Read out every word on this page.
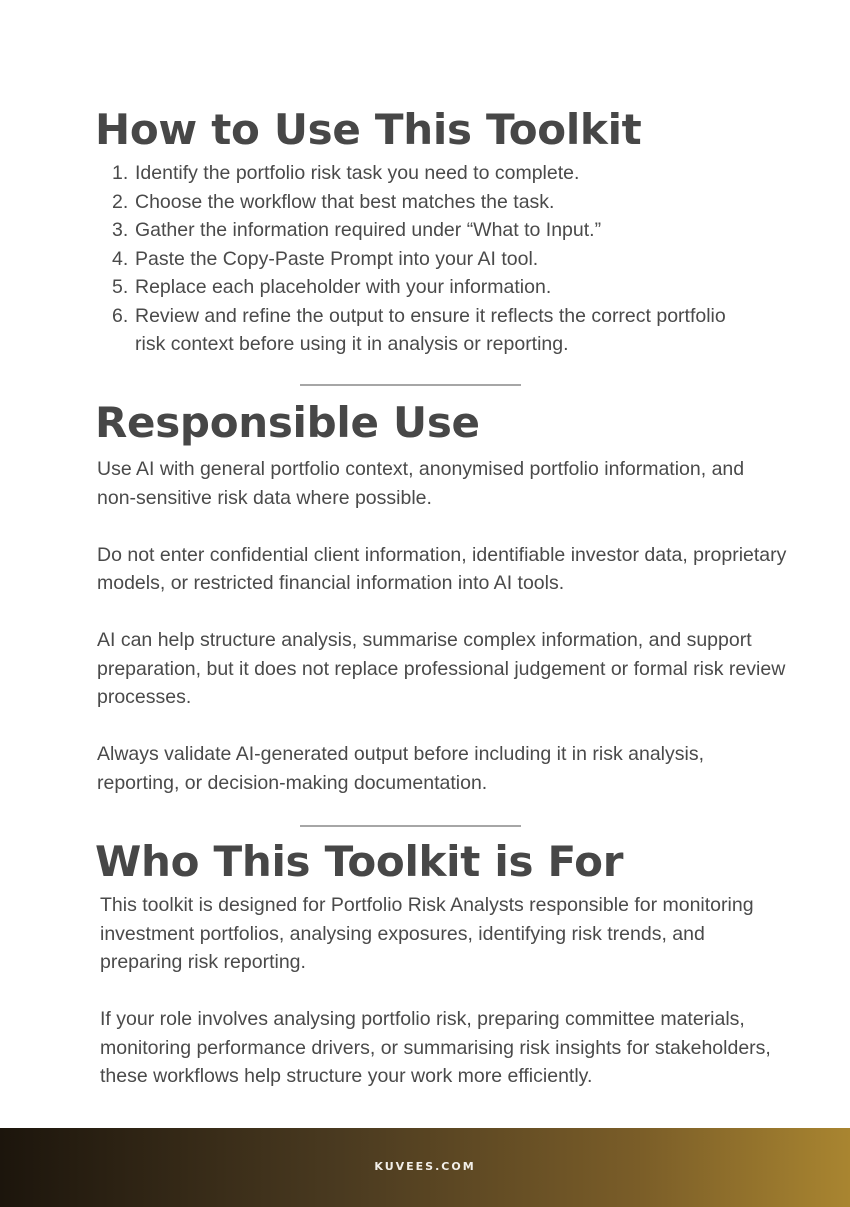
How to Use This Toolkit
1. Identify the portfolio risk task you need to complete.
2. Choose the workflow that best matches the task.
3. Gather the information required under “What to Input.”
4. Paste the Copy-Paste Prompt into your AI tool.
5. Replace each placeholder with your information.
6. Review and refine the output to ensure it reflects the correct portfolio risk context before using it in analysis or reporting.
Responsible Use

Use AI with general portfolio context, anonymised portfolio information, and non-sensitive risk data where possible.

Do not enter confidential client information, identifiable investor data, proprietary models, or restricted financial information into AI tools.

AI can help structure analysis, summarise complex information, and support preparation, but it does not replace professional judgement or formal risk review processes.

Always validate AI-generated output before including it in risk analysis, reporting, or decision-making documentation.

Who This Toolkit is For

This toolkit is designed for Portfolio Risk Analysts responsible for monitoring investment portfolios, analysing exposures, identifying risk trends, and preparing risk reporting.

If your role involves analysing portfolio risk, preparing committee materials, monitoring performance drivers, or summarising risk insights for stakeholders, these workflows help structure your work more efficiently.

KUVEES.COM
